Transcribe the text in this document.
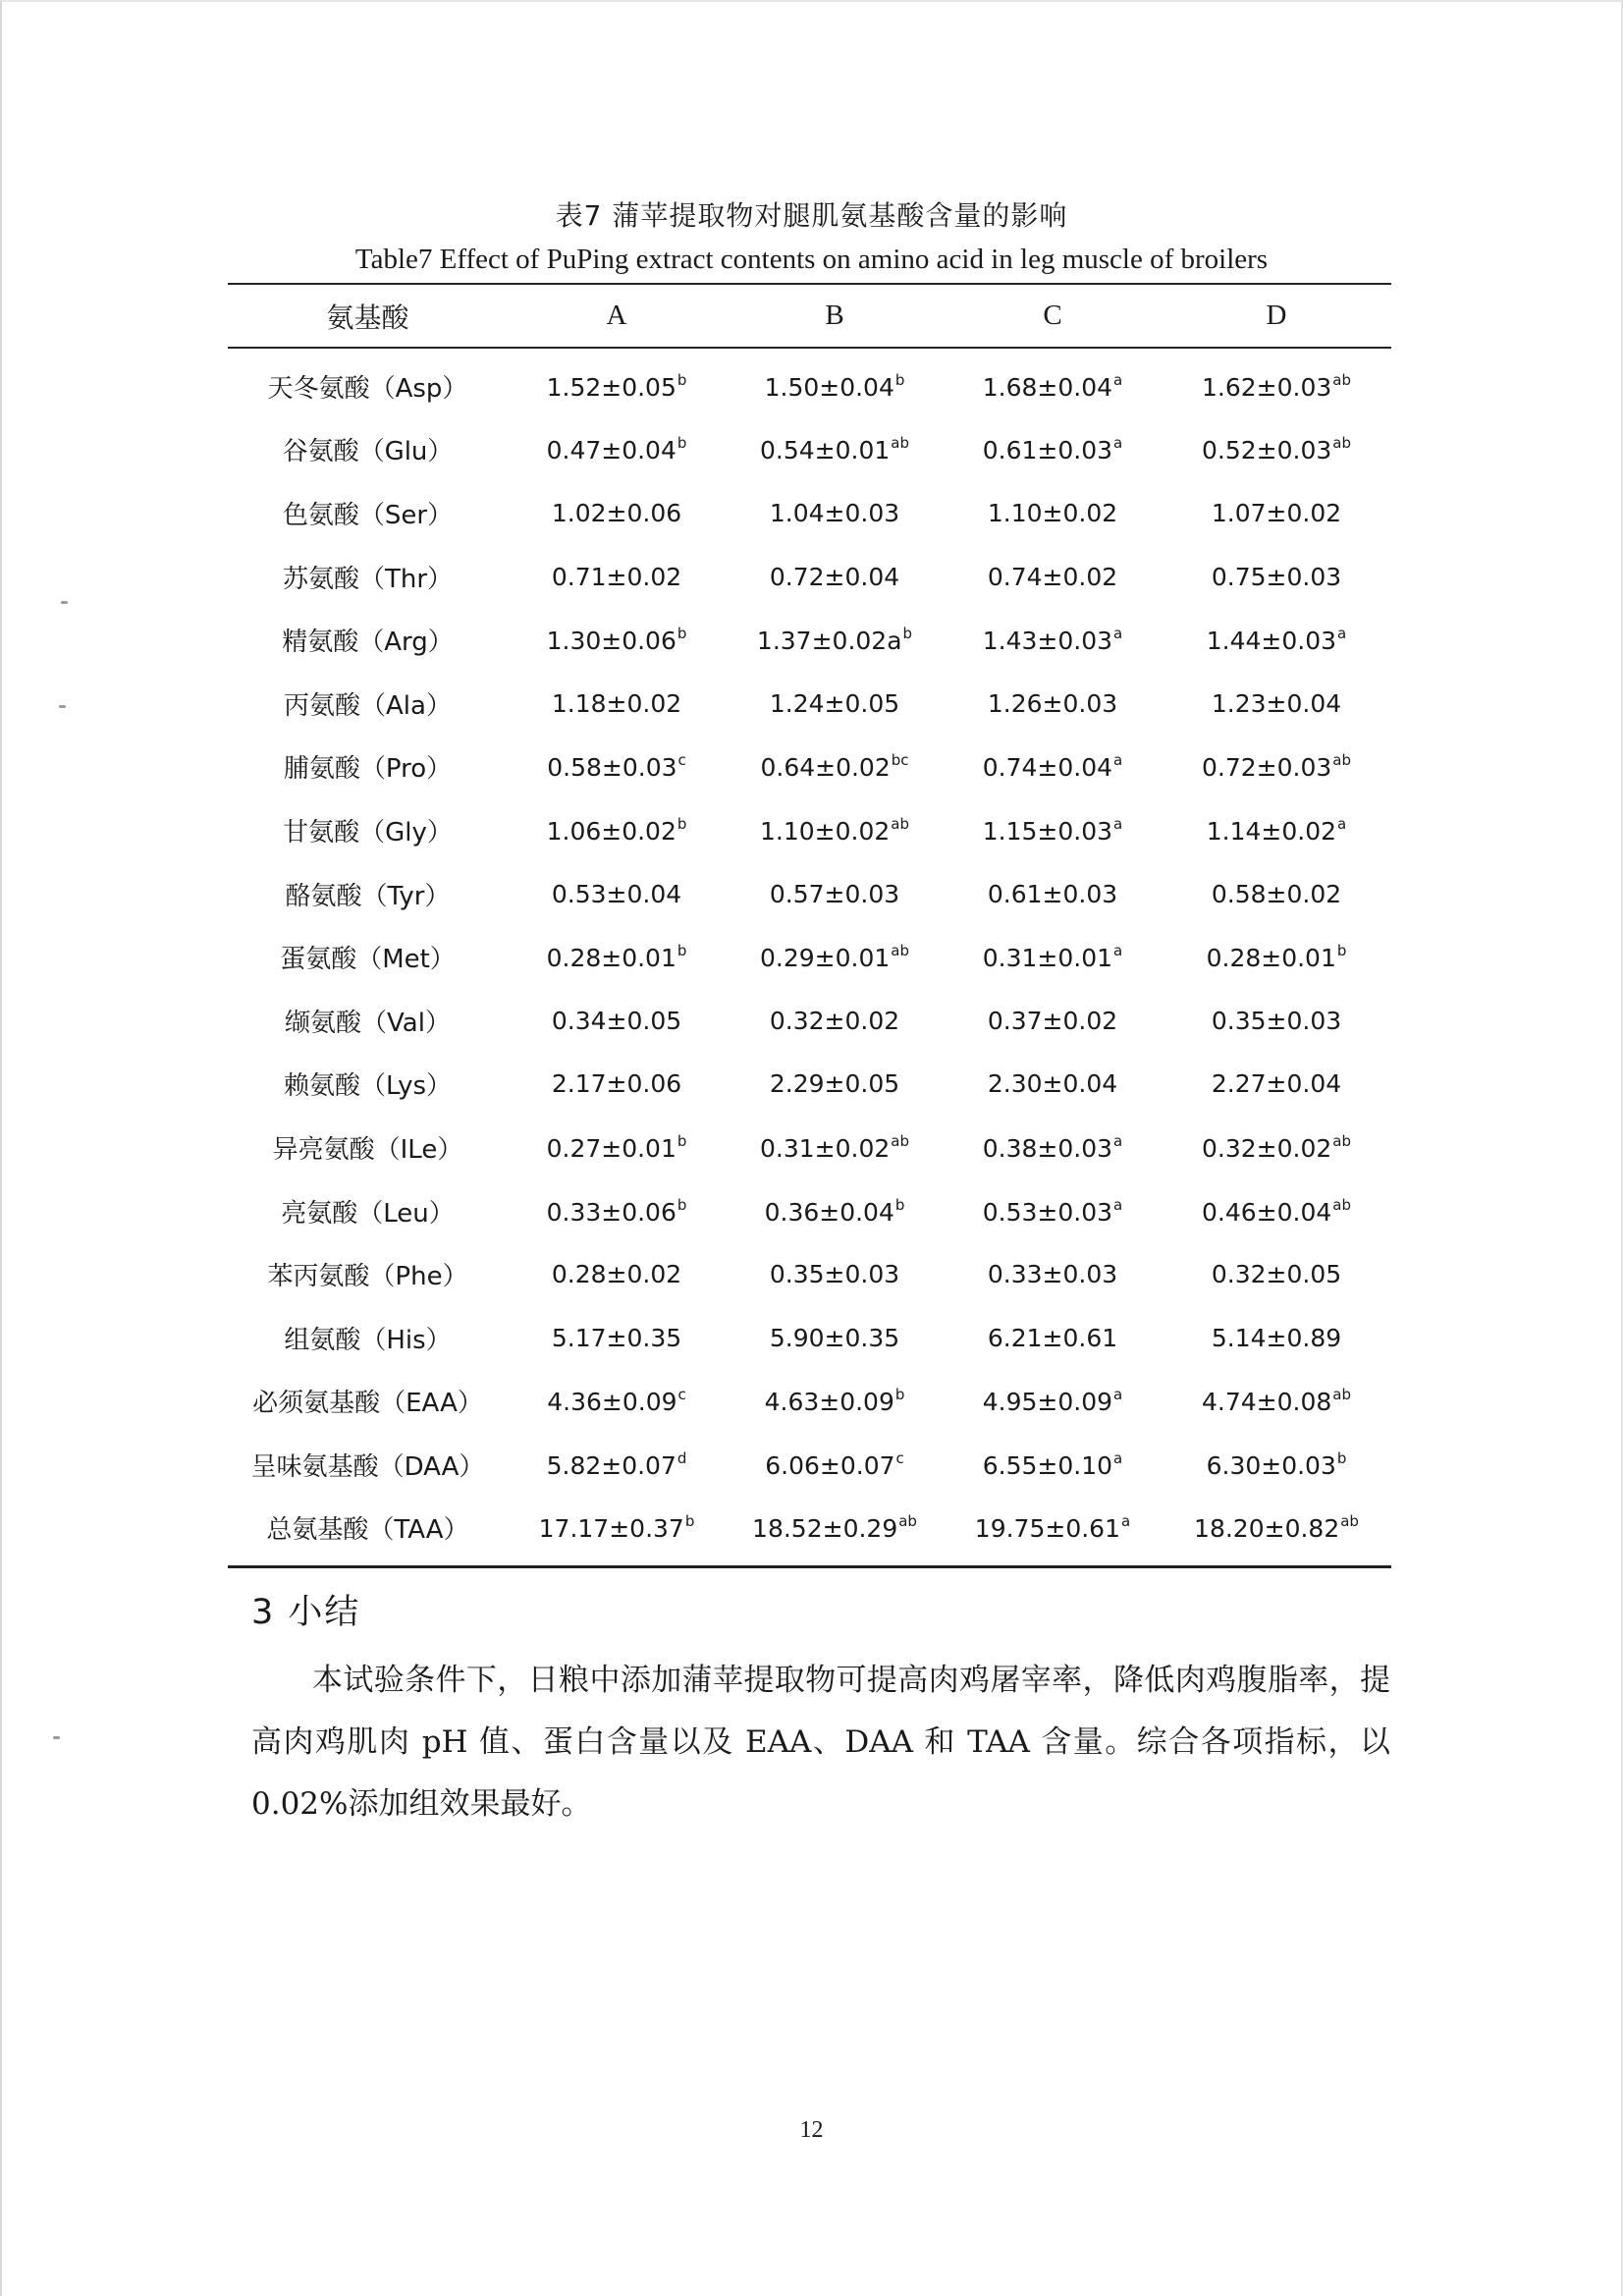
表7 蒲苹提取物对腿肌氨基酸含量的影响
Table7 Effect of PuPing extract contents on amino acid in leg muscle of broilers
氨基酸	A	B	C	D
天冬氨酸（Asp）	1.52±0.05$^b$	1.50±0.04$^b$	1.68±0.04$^a$	1.62±0.03$^{ab}$
谷氨酸（Glu）	0.47±0.04$^b$	0.54±0.01$^{ab}$	0.61±0.03$^a$	0.52±0.03$^{ab}$
色氨酸（Ser）	1.02±0.06	1.04±0.03	1.10±0.02	1.07±0.02
苏氨酸（Thr）	0.71±0.02	0.72±0.04	0.74±0.02	0.75±0.03
精氨酸（Arg）	1.30±0.06$^b$	$1.37\pm 0.02a^b$	1.43±0.03$^a$	1.44±0.03$^a$
丙氨酸（Ala）	1.18±0.02	1.24±0.05	1.26±0.03	1.23±0.04
脯氨酸（Pro）	0.58±0.03$^c$	0.64±0.02$^{bc}$	0.74±0.04$^a$	0.72±0.03$^{ab}$
甘氨酸（Gly）	1.06±0.02$^b$	1.10±0.02$^{ab}$	1.15±0.03$^a$	1.14±0.02$^a$
酪氨酸（Tyr）	0.53±0.04	0.57±0.03	0.61±0.03	0.58±0.02
蛋氨酸（Met）	0.28±0.01$^b$	0.29±0.01$^{ab}$	0.31±0.01$^a$	0.28±0.01$^b$
缬氨酸（Val）	0.34±0.05	0.32±0.02	0.37±0.02	0.35±0.03
赖氨酸（Lys）	2.17±0.06	2.29±0.05	2.30±0.04	2.27±0.04
异亮氨酸（ILe）	0.27±0.01$^b$	0.31±0.02$^{ab}$	0.38±0.03$^a$	0.32±0.02$^{ab}$
亮氨酸（Leu）	0.33±0.06$^b$	0.36±0.04$^b$	0.53±0.03$^a$	0.46±0.04$^{ab}$
苯丙氨酸（Phe）	0.28±0.02	0.35±0.03	0.33±0.03	0.32±0.05
组氨酸（His）	5.17±0.35	5.90±0.35	6.21±0.61	5.14±0.89
必须氨基酸（EAA）	4.36±0.09$^c$	4.63±0.09$^b$	4.95±0.09$^a$	4.74±0.08$^{ab}$
呈味氨基酸（DAA）	5.82±0.07$^d$	6.06±0.07$^c$	6.55±0.10$^a$	6.30±0.03$^b$
总氨基酸（TAA）	17.17±0.37$^b$	18.52±0.29$^{ab}$	19.75±0.61$^a$	18.20±0.82$^{ab}$
3 小结

本试验条件下，日粮中添加蒲苹提取物可提高肉鸡屠宰率，降低肉鸡腹脂率，提高肉鸡肌肉 pH 值、蛋白含量以及 EAA、DAA 和 TAA 含量。综合各项指标，以 0.02%添加组效果最好。

12
